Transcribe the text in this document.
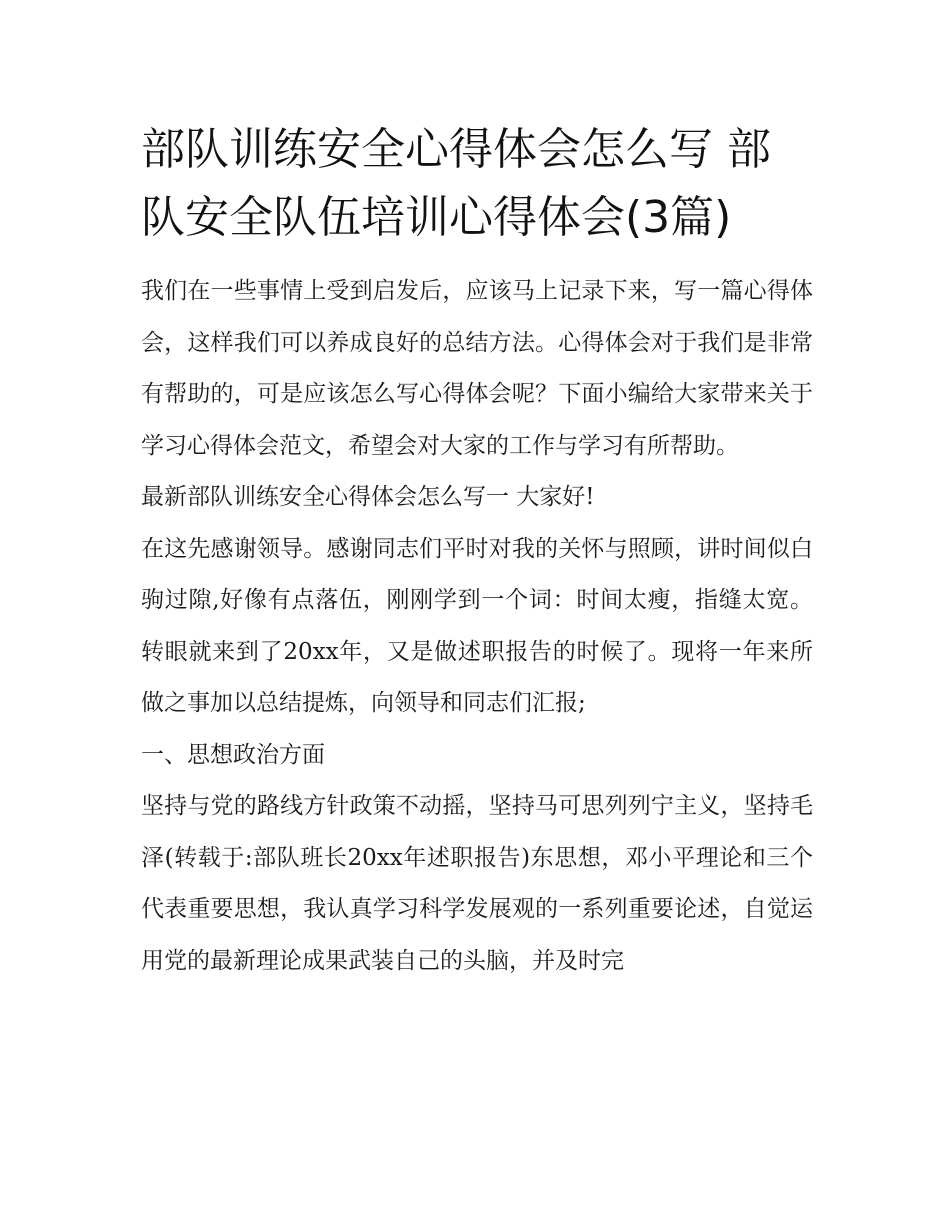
部队训练安全心得体会怎么写 部队安全队伍培训心得体会(3篇)

我们在一些事情上受到启发后，应该马上记录下来，写一篇心得体会，这样我们可以养成良好的总结方法。心得体会对于我们是非常有帮助的，可是应该怎么写心得体会呢？下面小编给大家带来关于学习心得体会范文，希望会对大家的工作与学习有所帮助。

最新部队训练安全心得体会怎么写一 大家好!

在这先感谢领导。感谢同志们平时对我的关怀与照顾，讲时间似白驹过隙,好像有点落伍，刚刚学到一个词：时间太瘦，指缝太宽。转眼就来到了20xx年，又是做述职报告的时候了。现将一年来所做之事加以总结提炼，向领导和同志们汇报;

一、思想政治方面

坚持与党的路线方针政策不动摇，坚持马可思列列宁主义，坚持毛泽(转载于:部队班长20xx年述职报告)东思想，邓小平理论和三个代表重要思想，我认真学习科学发展观的一系列重要论述，自觉运用党的最新理论成果武装自己的头脑，并及时完
